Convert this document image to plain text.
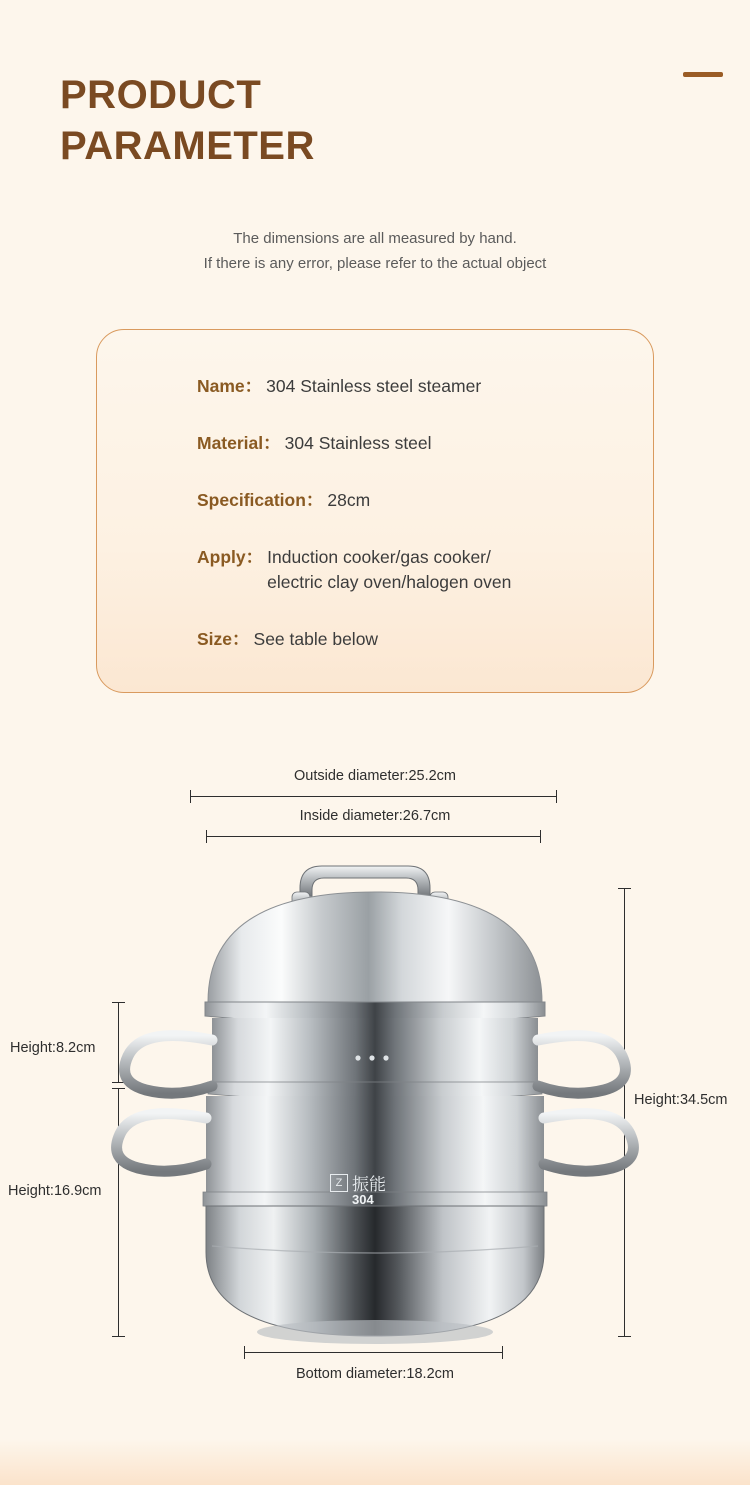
PRODUCT
PARAMETER
The dimensions are all measured by hand.
If there is any error, please refer to the actual object
Name： 304 Stainless steel steamer
Material： 304 Stainless steel
Specification： 28cm
Apply： Induction cooker/gas cooker/
electric clay oven/halogen oven
Size： See table below
Outside diameter:25.2cm
Inside diameter:26.7cm
Height:34.5cm
Height:8.2cm
Height:16.9cm
Bottom diameter:18.2cm
Z 振能
304
